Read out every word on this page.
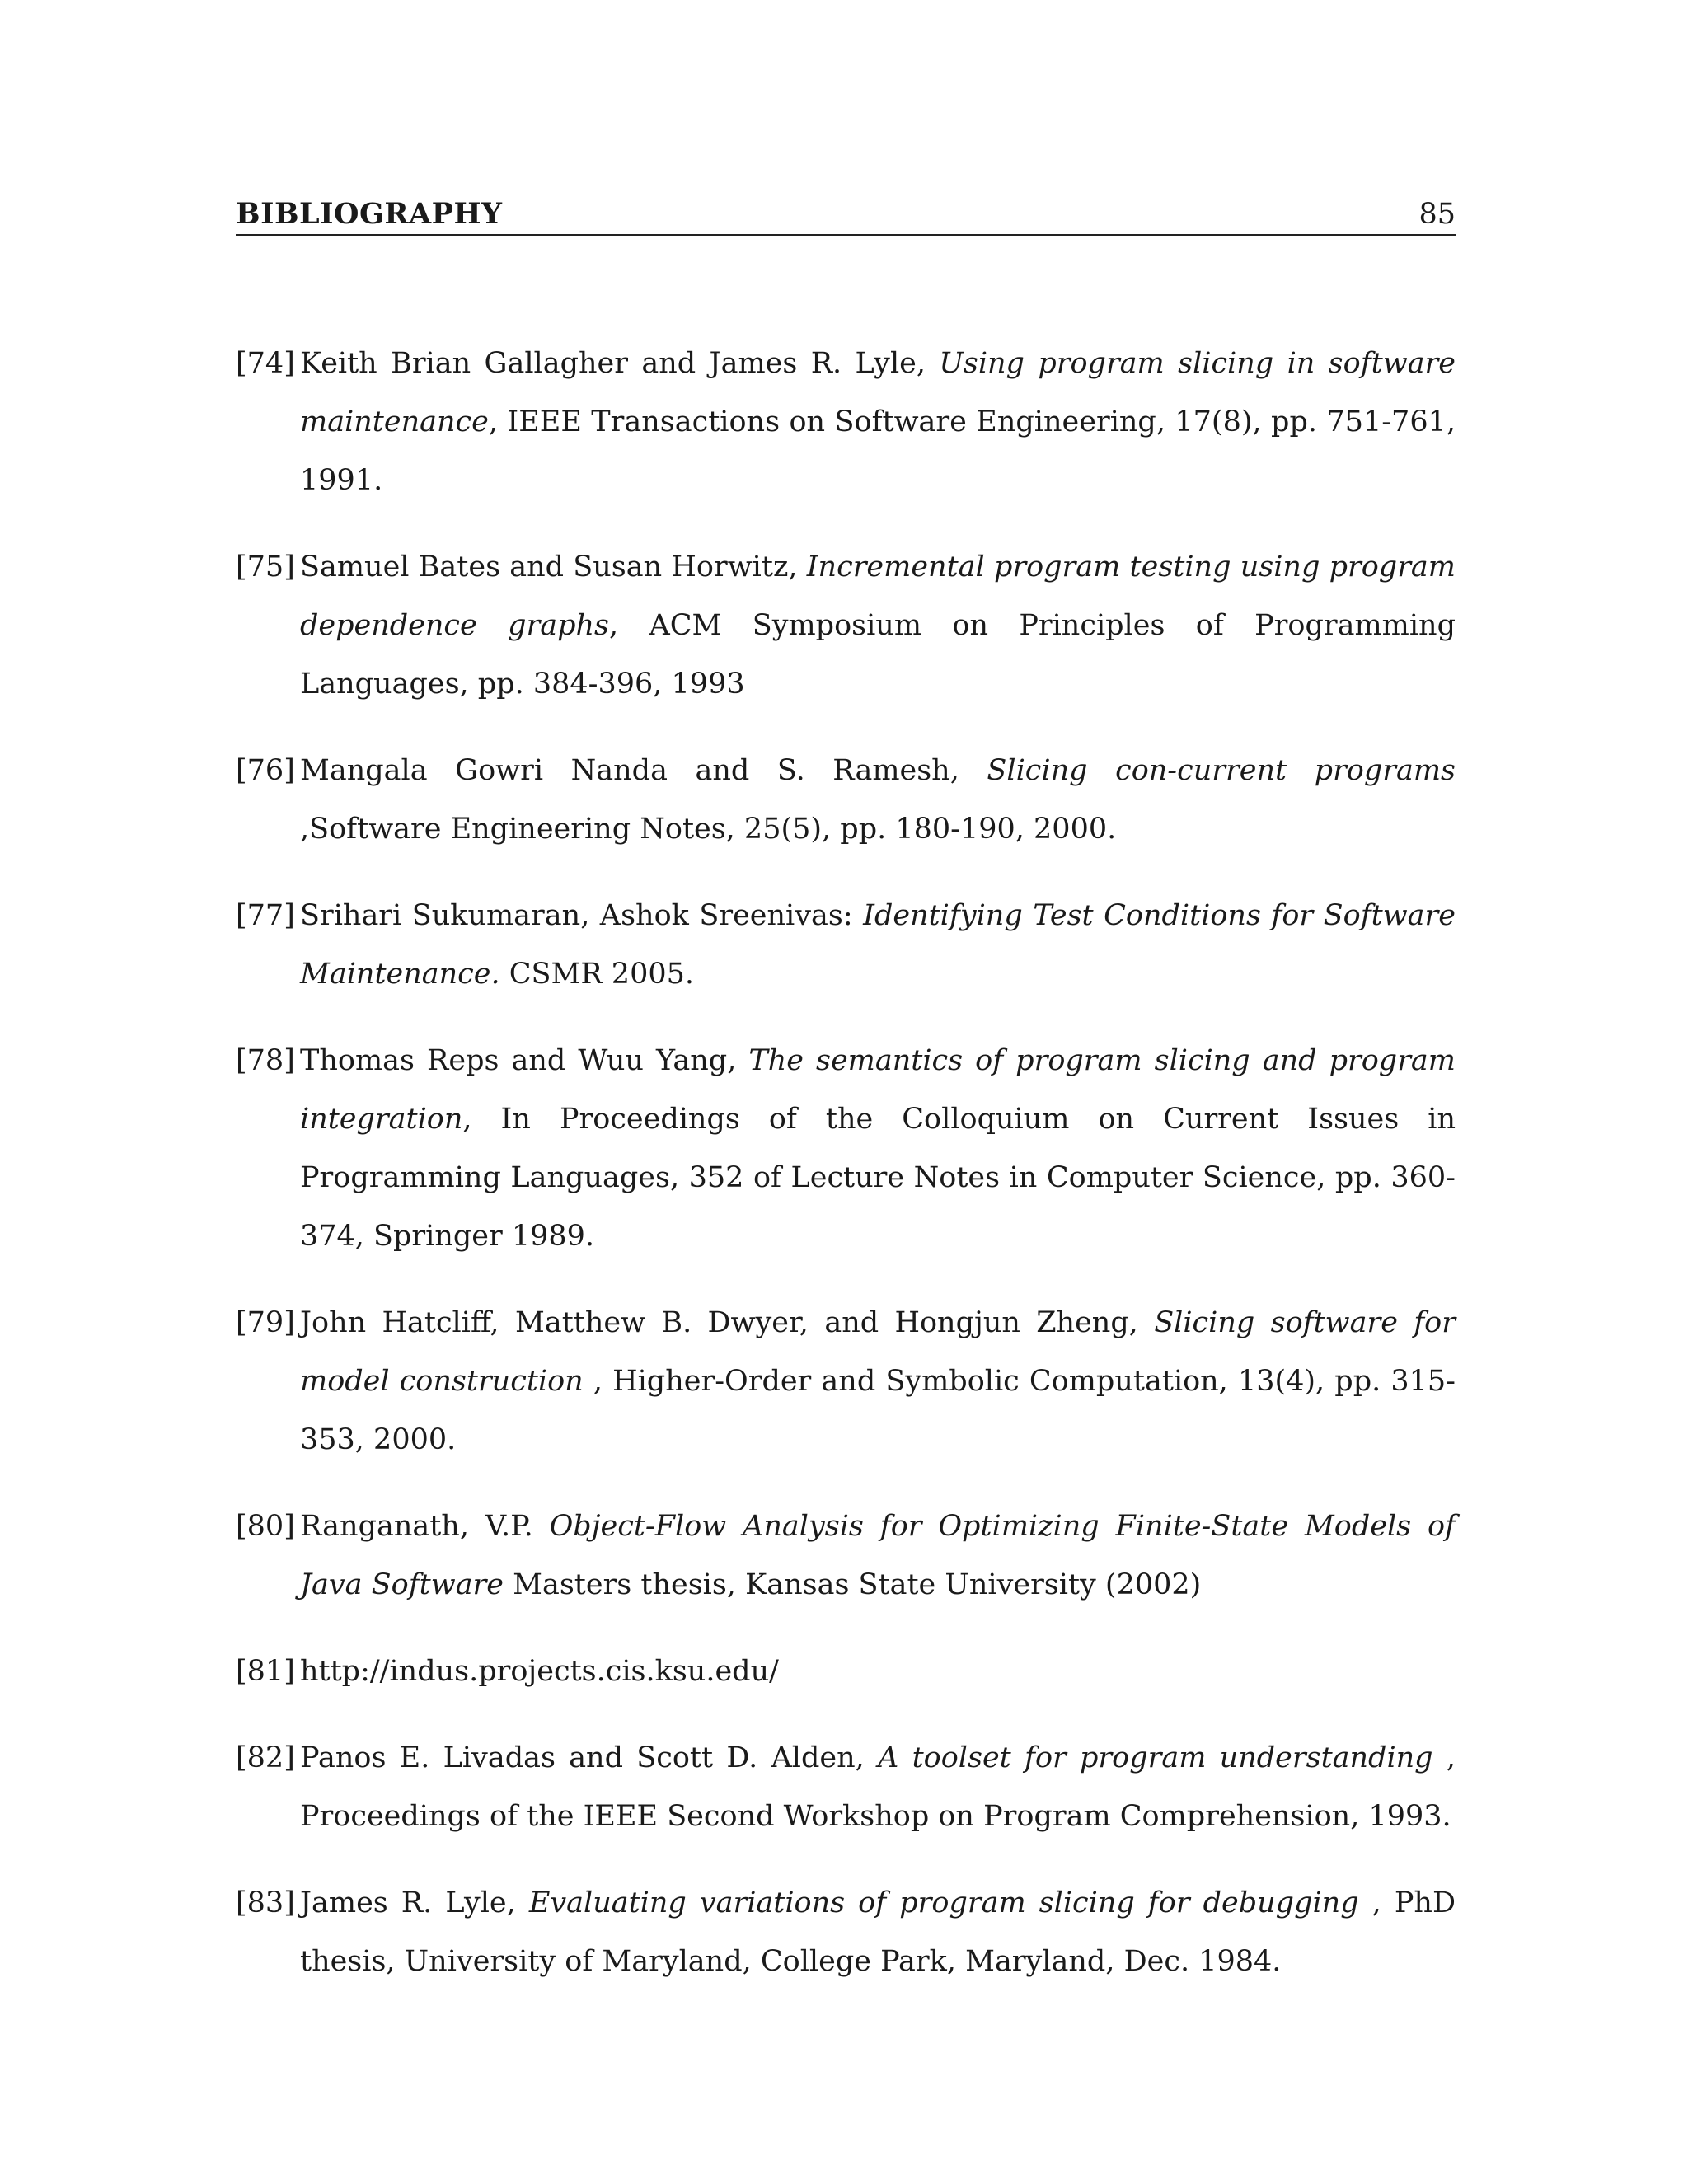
BIBLIOGRAPHY	85
[74] Keith Brian Gallagher and James R. Lyle, Using program slicing in software maintenance, IEEE Transactions on Software Engineering, 17(8), pp. 751-761, 1991.
[75] Samuel Bates and Susan Horwitz, Incremental program testing using program dependence graphs, ACM Symposium on Principles of Programming Languages, pp. 384-396, 1993
[76] Mangala Gowri Nanda and S. Ramesh, Slicing con-current programs ,Software Engineering Notes, 25(5), pp. 180-190, 2000.
[77] Srihari Sukumaran, Ashok Sreenivas: Identifying Test Conditions for Software Maintenance. CSMR 2005.
[78] Thomas Reps and Wuu Yang, The semantics of program slicing and program integration, In Proceedings of the Colloquium on Current Issues in Programming Languages, 352 of Lecture Notes in Computer Science, pp. 360-374, Springer 1989.
[79] John Hatcliff, Matthew B. Dwyer, and Hongjun Zheng, Slicing software for model construction , Higher-Order and Symbolic Computation, 13(4), pp. 315-353, 2000.
[80] Ranganath, V.P. Object-Flow Analysis for Optimizing Finite-State Models of Java Software Masters thesis, Kansas State University (2002)
[81] http://indus.projects.cis.ksu.edu/
[82] Panos E. Livadas and Scott D. Alden, A toolset for program understanding , Proceedings of the IEEE Second Workshop on Program Comprehension, 1993.
[83] James R. Lyle, Evaluating variations of program slicing for debugging , PhD thesis, University of Maryland, College Park, Maryland, Dec. 1984.
